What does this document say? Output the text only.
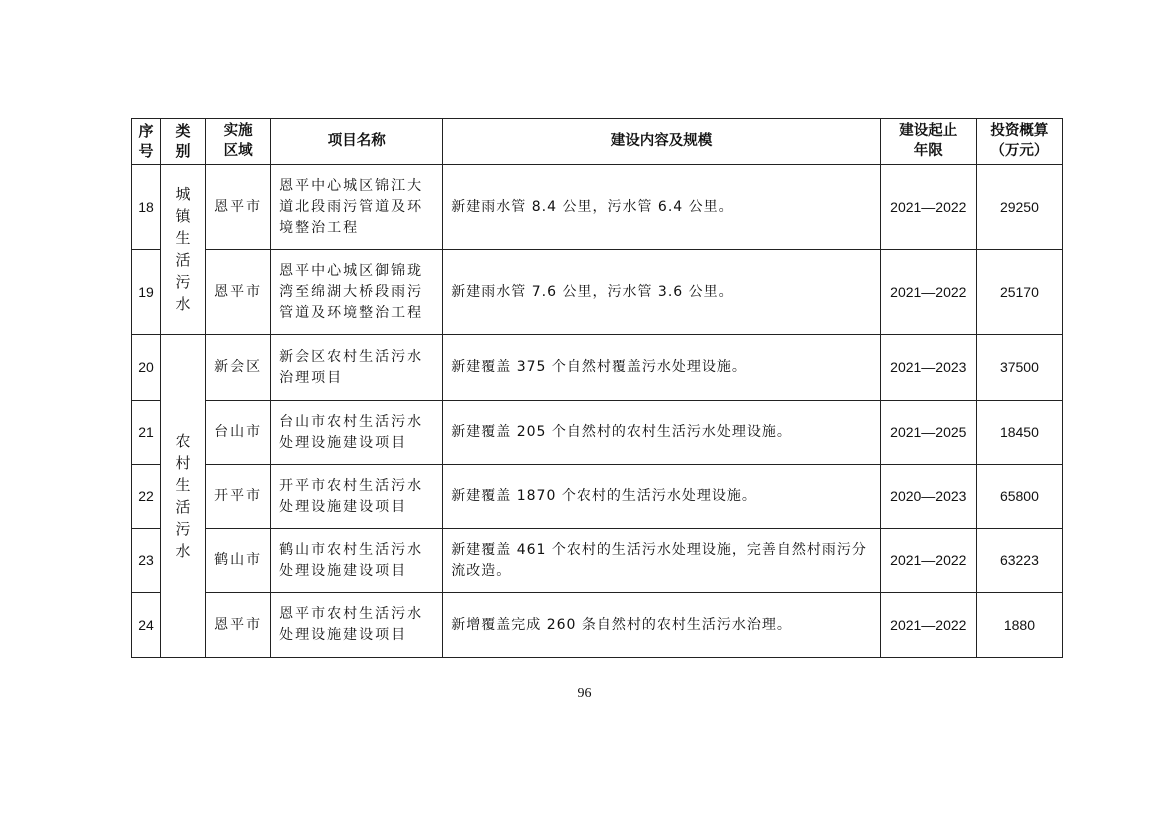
序号	类别	实施区域	项目名称	建设内容及规模	建设起止年限	投资概算（万元）
18	城镇生活污水	恩平市	恩平中心城区锦江大道北段雨污管道及环境整治工程	新建雨水管 8.4 公里，污水管 6.4 公里。	2021—2022	29250
19		恩平市	恩平中心城区御锦珑湾至绵湖大桥段雨污管道及环境整治工程	新建雨水管 7.6 公里，污水管 3.6 公里。	2021—2022	25170
20	农村生活污水	新会区	新会区农村生活污水治理项目	新建覆盖 375 个自然村覆盖污水处理设施。	2021—2023	37500
21		台山市	台山市农村生活污水处理设施建设项目	新建覆盖 205 个自然村的农村生活污水处理设施。	2021—2025	18450
22		开平市	开平市农村生活污水处理设施建设项目	新建覆盖 1870 个农村的生活污水处理设施。	2020—2023	65800
23		鹤山市	鹤山市农村生活污水处理设施建设项目	新建覆盖 461 个农村的生活污水处理设施，完善自然村雨污分流改造。	2021—2022	63223
24		恩平市	恩平市农村生活污水处理设施建设项目	新增覆盖完成 260 条自然村的农村生活污水治理。	2021—2022	1880
96
